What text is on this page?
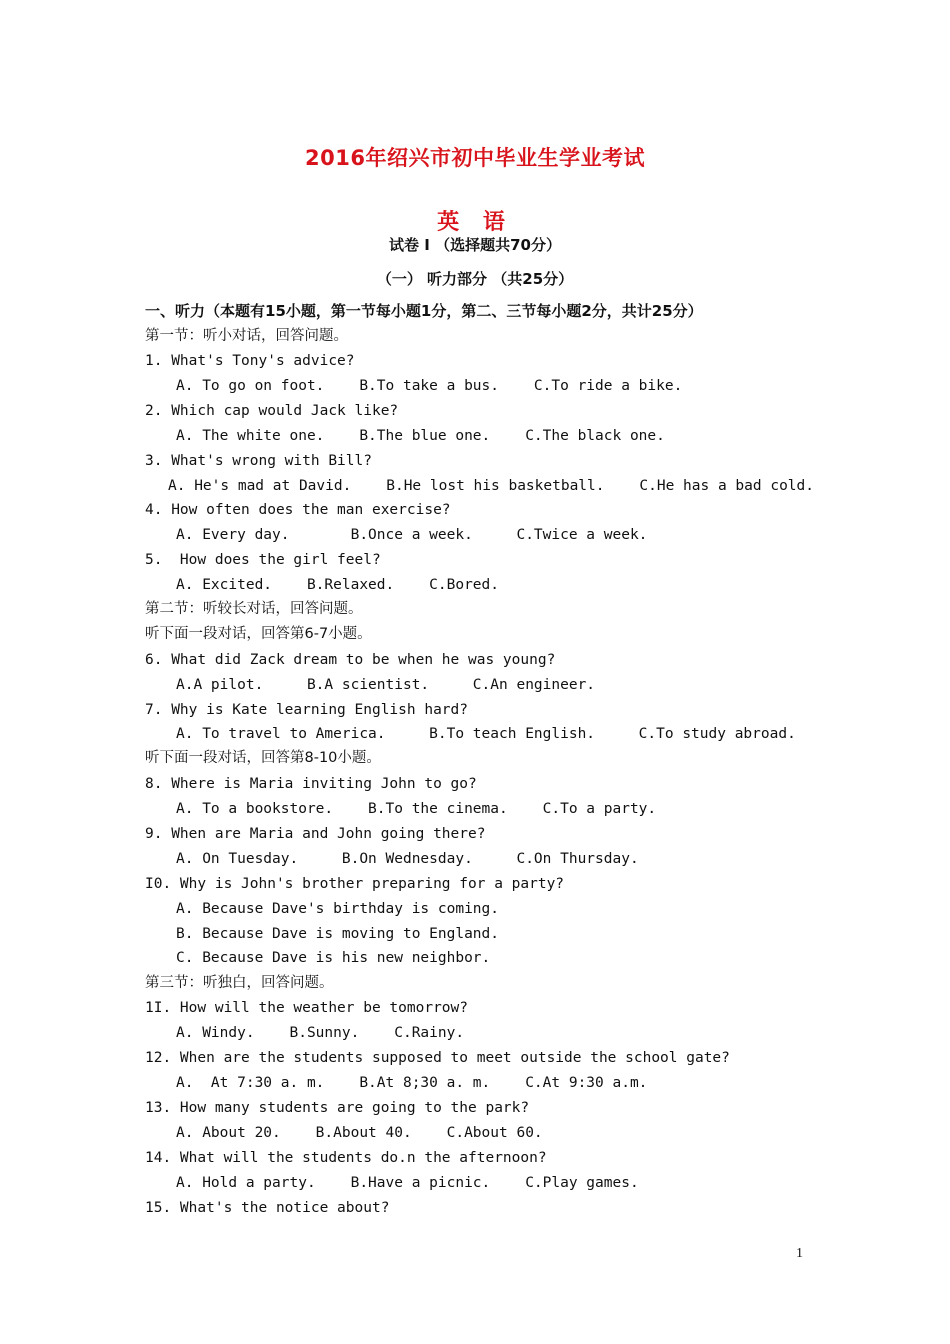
2016年绍兴市初中毕业生学业考试
英 语
试卷 Ⅰ （选择题共70分）
（一） 听力部分 （共25分）
一、听力（本题有15小题，第一节每小题1分，第二、三节每小题2分，共计25分）
第一节：听小对话，回答问题。
1. What's Tony's advice?
A. To go on foot.    B.To take a bus.    C.To ride a bike.
2. Which cap would Jack like?
A. The white one.    B.The blue one.    C.The black one.
3. What's wrong with Bill?
A. He's mad at David.    B.He lost his basketball.    C.He has a bad cold.
4. How often does the man exercise?
A. Every day.       B.Once a week.     C.Twice a week.
5.  How does the girl feel?
A. Excited.    B.Relaxed.    C.Bored.
第二节：听较长对话，回答问题。
听下面一段对话，回答第6-7小题。
6. What did Zack dream to be when he was young?
A.A pilot.     B.A scientist.     C.An engineer.
7. Why is Kate learning English hard?
A. To travel to America.     B.To teach English.     C.To study abroad.
听下面一段对话，回答第8-10小题。
8. Where is Maria inviting John to go?
A. To a bookstore.    B.To the cinema.    C.To a party.
9. When are Maria and John going there?
A. On Tuesday.     B.On Wednesday.     C.On Thursday.
I0. Why is John's brother preparing for a party?
A. Because Dave's birthday is coming.
B. Because Dave is moving to England.
C. Because Dave is his new neighbor.
第三节：听独白，回答问题。
1I. How will the weather be tomorrow?
A. Windy.    B.Sunny.    C.Rainy.
12. When are the students supposed to meet outside the school gate?
A.  At 7:30 a. m.    B.At 8;30 a. m.    C.At 9:30 a.m.
13. How many students are going to the park?
A. About 20.    B.About 40.    C.About 60.
14. What will the students do.n the afternoon?
A. Hold a party.    B.Have a picnic.    C.Play games.
15. What's the notice about?
1
